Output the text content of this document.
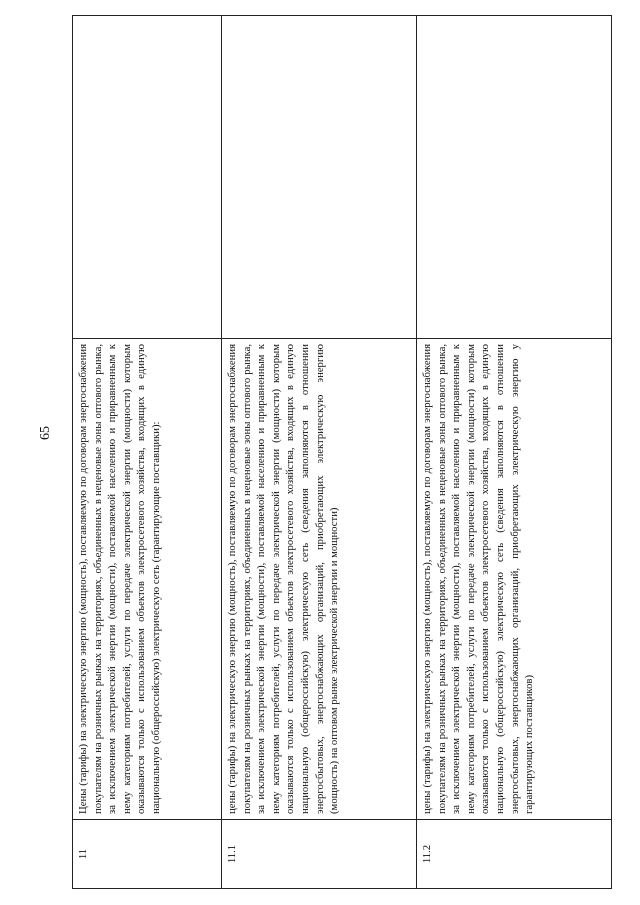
65
11	Цены (тарифы) на электрическую энергию (мощность), поставляемую по договорам энергоснабжения покупателям на розничных рынках на территориях, объединенных в неценовые зоны оптового рынка, за исключением электрической энергии (мощности), поставляемой населению и приравненным к нему категориям потребителей, услуги по передаче электрической энергии (мощности) которым оказываются только с использованием объектов электросетевого хозяйства, входящих в единую национальную (общероссийскую) электрическую сеть (гарантирующие поставщики):	
11.1	цены (тарифы) на электрическую энергию (мощность), поставляемую по договорам энергоснабжения покупателям на розничных рынках на территориях, объединенных в неценовые зоны оптового рынка, за исключением электрической энергии (мощности), поставляемой населению и приравненным к нему категориям потребителей, услуги по передаче электрической энергии (мощности) которым оказываются только с использованием объектов электросетевого хозяйства, входящих в единую национальную (общероссийскую) электрическую сеть (сведения заполняются в отношении энергосбытовых, энергоснабжающих организаций, приобретающих электрическую энергию (мощность) на оптовом рынке электрической энергии и мощности)	
11.2	цены (тарифы) на электрическую энергию (мощность), поставляемую по договорам энергоснабжения покупателям на розничных рынках на территориях, объединенных в неценовые зоны оптового рынка, за исключением электрической энергии (мощности), поставляемой населению и приравненным к нему категориям потребителей, услуги по передаче электрической энергии (мощности) которым оказываются только с использованием объектов электросетевого хозяйства, входящих в единую национальную (общероссийскую) электрическую сеть (сведения заполняются в отношении энергосбытовых, энергоснабжающих организаций, приобретающих электрическую энергию у гарантирующих поставщиков)	
